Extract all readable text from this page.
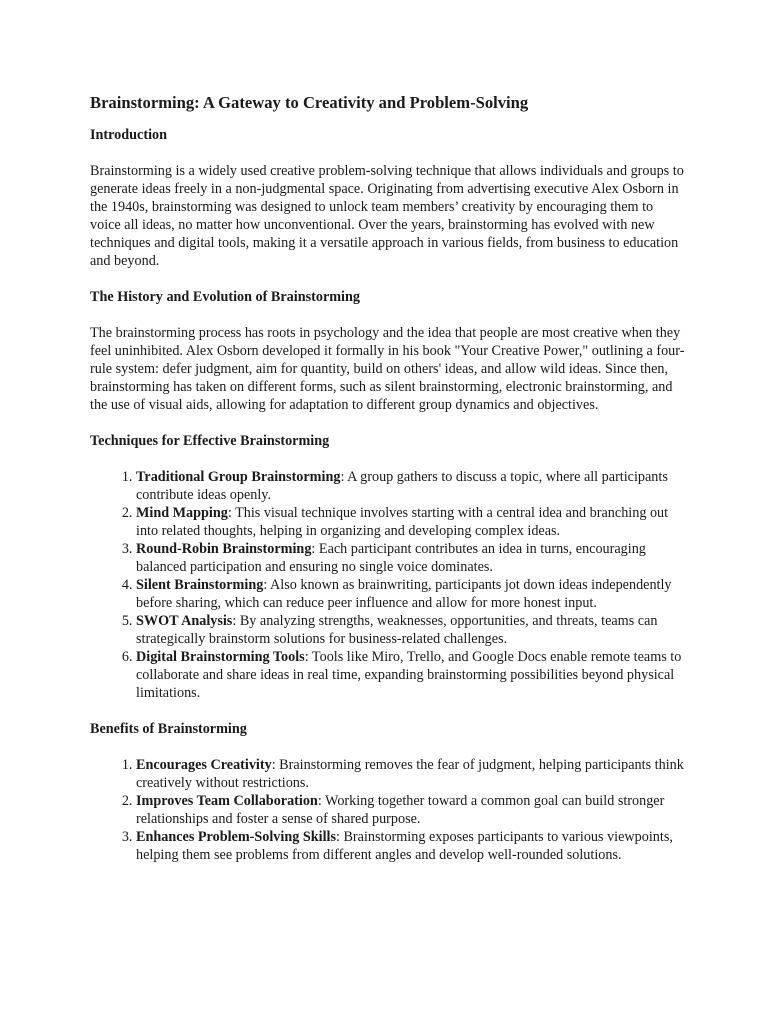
Brainstorming: A Gateway to Creativity and Problem-Solving
Introduction

Brainstorming is a widely used creative problem-solving technique that allows individuals and groups to generate ideas freely in a non-judgmental space. Originating from advertising executive Alex Osborn in the 1940s, brainstorming was designed to unlock team members’ creativity by encouraging them to voice all ideas, no matter how unconventional. Over the years, brainstorming has evolved with new techniques and digital tools, making it a versatile approach in various fields, from business to education and beyond.

The History and Evolution of Brainstorming

The brainstorming process has roots in psychology and the idea that people are most creative when they feel uninhibited. Alex Osborn developed it formally in his book "Your Creative Power," outlining a four-rule system: defer judgment, aim for quantity, build on others' ideas, and allow wild ideas. Since then, brainstorming has taken on different forms, such as silent brainstorming, electronic brainstorming, and the use of visual aids, allowing for adaptation to different group dynamics and objectives.

Techniques for Effective Brainstorming
1. Traditional Group Brainstorming: A group gathers to discuss a topic, where all participants contribute ideas openly.
2. Mind Mapping: This visual technique involves starting with a central idea and branching out into related thoughts, helping in organizing and developing complex ideas.
3. Round-Robin Brainstorming: Each participant contributes an idea in turns, encouraging balanced participation and ensuring no single voice dominates.
4. Silent Brainstorming: Also known as brainwriting, participants jot down ideas independently before sharing, which can reduce peer influence and allow for more honest input.
5. SWOT Analysis: By analyzing strengths, weaknesses, opportunities, and threats, teams can strategically brainstorm solutions for business-related challenges.
6. Digital Brainstorming Tools: Tools like Miro, Trello, and Google Docs enable remote teams to collaborate and share ideas in real time, expanding brainstorming possibilities beyond physical limitations.
Benefits of Brainstorming
1. Encourages Creativity: Brainstorming removes the fear of judgment, helping participants think creatively without restrictions.
2. Improves Team Collaboration: Working together toward a common goal can build stronger relationships and foster a sense of shared purpose.
3. Enhances Problem-Solving Skills: Brainstorming exposes participants to various viewpoints, helping them see problems from different angles and develop well-rounded solutions.
